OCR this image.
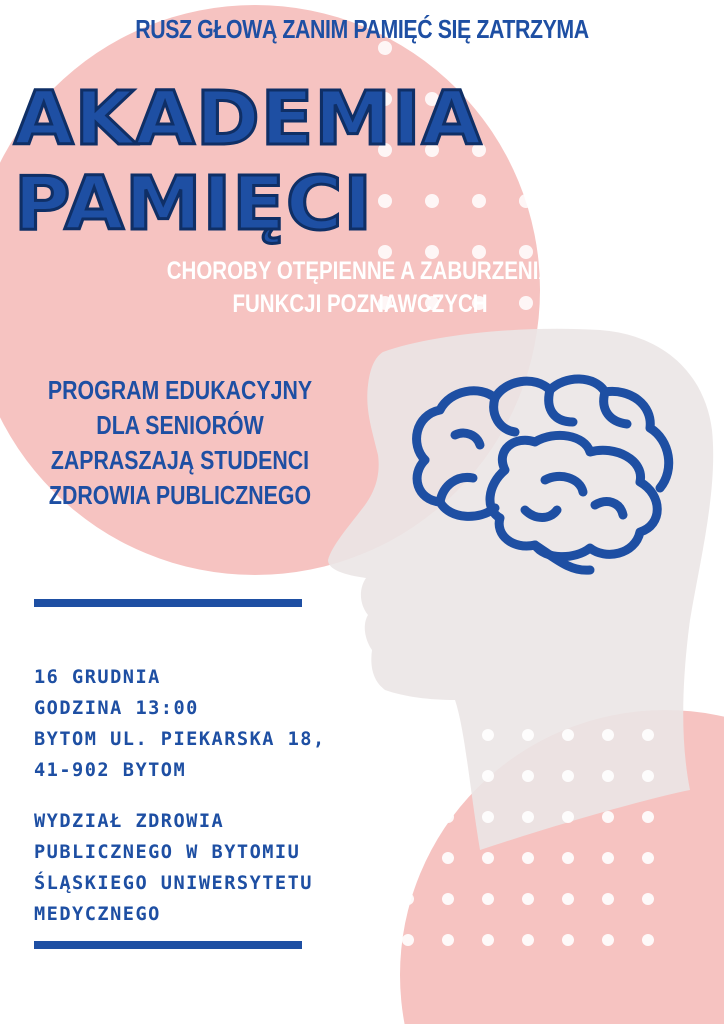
RUSZ GŁOWĄ ZANIM PAMIĘĆ SIĘ ZATRZYMA
AKADEMIA
PAMIĘCI
CHOROBY OTĘPIENNE A ZABURZENIA
FUNKCJI POZNAWCZYCH
PROGRAM EDUKACYJNY
DLA SENIORÓW
ZAPRASZAJĄ STUDENCI
ZDROWIA PUBLICZNEGO
16 GRUDNIA
GODZINA 13:00
BYTOM UL. PIEKARSKA 18,
41-902 BYTOM
WYDZIAŁ ZDROWIA
PUBLICZNEGO W BYTOMIU
ŚLĄSKIEGO UNIWERSYTETU
MEDYCZNEGO
